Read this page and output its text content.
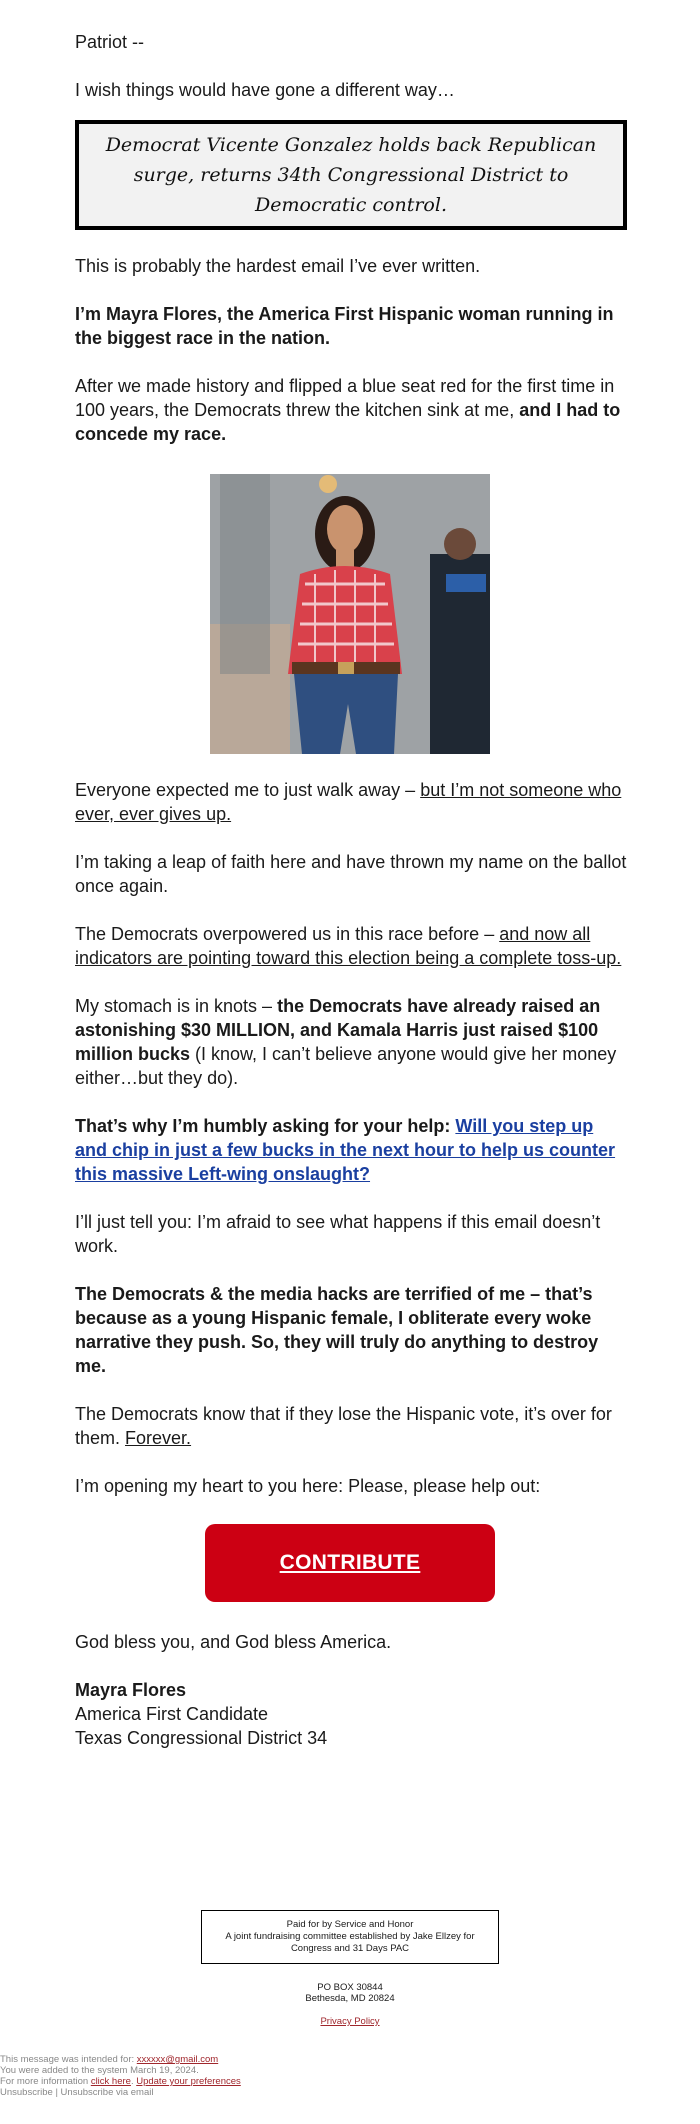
Patriot --

I wish things would have gone a different way…

Democrat Vicente Gonzalez holds back Republican surge, returns 34th Congressional District to Democratic control.

This is probably the hardest email I’ve ever written.

I’m Mayra Flores, the America First Hispanic woman running in the biggest race in the nation.

After we made history and flipped a blue seat red for the first time in 100 years, the Democrats threw the kitchen sink at me, and I had to concede my race.

Everyone expected me to just walk away – but I’m not someone who ever, ever gives up.

I’m taking a leap of faith here and have thrown my name on the ballot once again.

The Democrats overpowered us in this race before – and now all indicators are pointing toward this election being a complete toss-up.

My stomach is in knots – the Democrats have already raised an astonishing $30 MILLION, and Kamala Harris just raised $100 million bucks (I know, I can’t believe anyone would give her money either…but they do).

That’s why I’m humbly asking for your help: Will you step up and chip in just a few bucks in the next hour to help us counter this massive Left-wing onslaught?

I’ll just tell you: I’m afraid to see what happens if this email doesn’t work.

The Democrats & the media hacks are terrified of me – that’s because as a young Hispanic female, I obliterate every woke narrative they push. So, they will truly do anything to destroy me.

The Democrats know that if they lose the Hispanic vote, it’s over for them. Forever.

I’m opening my heart to you here: Please, please help out:

CONTRIBUTE

God bless you, and God bless America.

Mayra Flores

America First Candidate

Texas Congressional District 34

Paid for by Service and Honor
A joint fundraising committee established by Jake Ellzey for Congress and 31 Days PAC
PO BOX 30844
Bethesda, MD 20824
Privacy Policy
This message was intended for: xxxxxx@gmail.com
You were added to the system March 19, 2024.
For more information click here. Update your preferences
Unsubscribe | Unsubscribe via email
